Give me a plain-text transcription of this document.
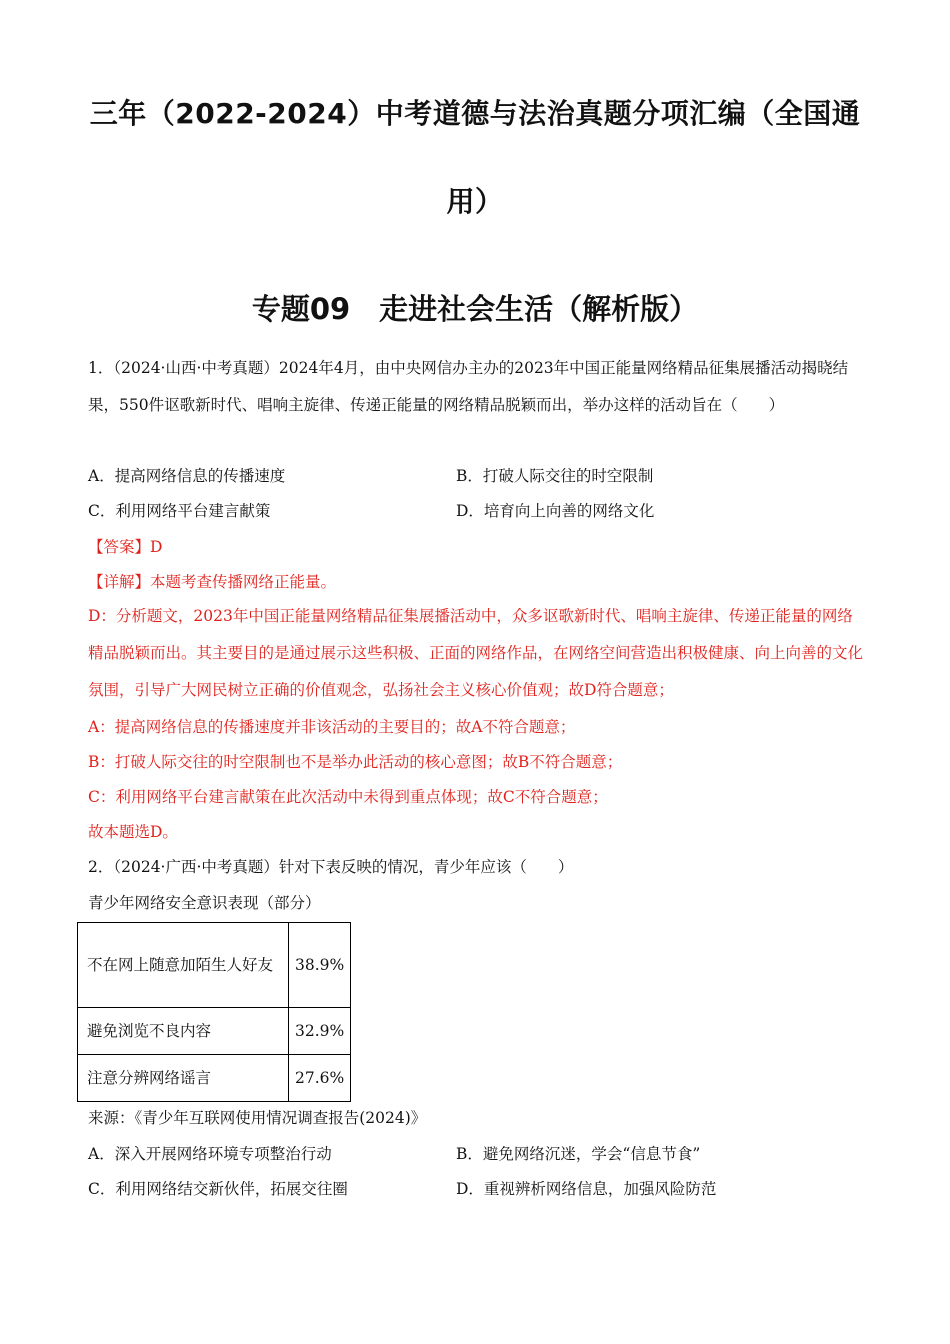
三年（2022-2024）中考道德与法治真题分项汇编（全国通用）
专题09　走进社会生活（解析版）
1．（2024·山西·中考真题）2024年4月，由中央网信办主办的2023年中国正能量网络精品征集展播活动揭晓结果，550件讴歌新时代、唱响主旋律、传递正能量的网络精品脱颖而出，举办这样的活动旨在（　　）
A．提高网络信息的传播速度	B．打破人际交往的时空限制
C．利用网络平台建言献策	D．培育向上向善的网络文化
【答案】D
【详解】本题考查传播网络正能量。
D：分析题文，2023年中国正能量网络精品征集展播活动中，众多讴歌新时代、唱响主旋律、传递正能量的网络精品脱颖而出。其主要目的是通过展示这些积极、正面的网络作品，在网络空间营造出积极健康、向上向善的文化氛围，引导广大网民树立正确的价值观念，弘扬社会主义核心价值观；故D符合题意；
A：提高网络信息的传播速度并非该活动的主要目的；故A不符合题意；
B：打破人际交往的时空限制也不是举办此活动的核心意图；故B不符合题意；
C：利用网络平台建言献策在此次活动中未得到重点体现；故C不符合题意；
故本题选D。
2．（2024·广西·中考真题）针对下表反映的情况，青少年应该（　　）
青少年网络安全意识表现（部分）
不在网上随意加陌生人好友	38.9%
避免浏览不良内容	32.9%
注意分辨网络谣言	27.6%
来源：《青少年互联网使用情况调查报告(2024)》
A．深入开展网络环境专项整治行动	B．避免网络沉迷，学会“信息节食”
C．利用网络结交新伙伴，拓展交往圈	D．重视辨析网络信息，加强风险防范
